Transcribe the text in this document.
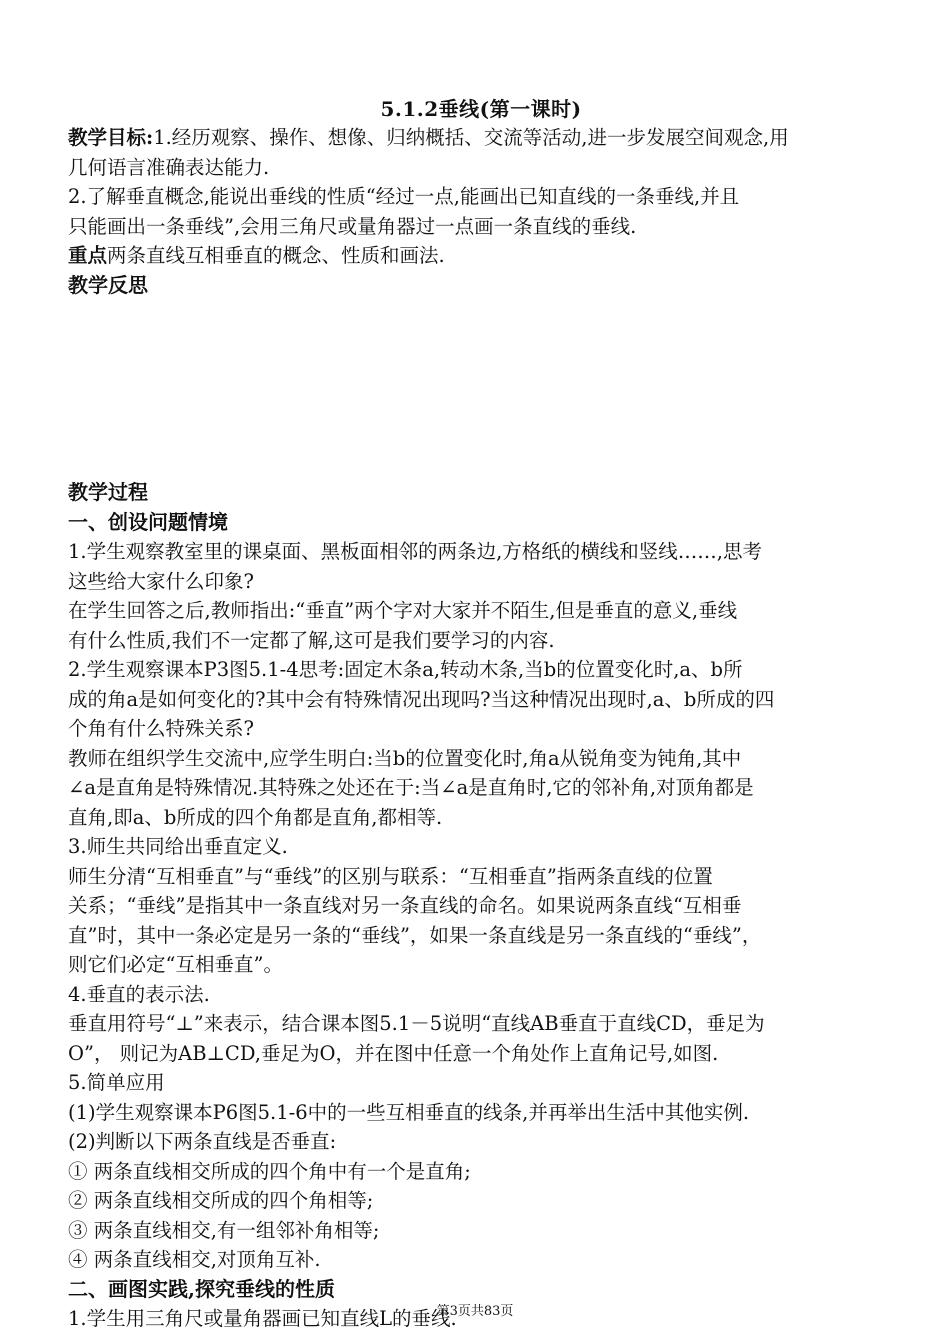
5.1.2垂线(第一课时)
教学目标:1.经历观察、操作、想像、归纳概括、交流等活动,进一步发展空间观念,用
几何语言准确表达能力.
2.了解垂直概念,能说出垂线的性质“经过一点,能画出已知直线的一条垂线,并且
只能画出一条垂线”,会用三角尺或量角器过一点画一条直线的垂线.
重点两条直线互相垂直的概念、性质和画法.
教学反思
教学过程
一、创设问题情境
1.学生观察教室里的课桌面、黑板面相邻的两条边,方格纸的横线和竖线……,思考
这些给大家什么印象?
在学生回答之后,教师指出:“垂直”两个字对大家并不陌生,但是垂直的意义,垂线
有什么性质,我们不一定都了解,这可是我们要学习的内容.
2.学生观察课本P3图5.1-4思考:固定木条a,转动木条,当b的位置变化时,a、b所
成的角a是如何变化的?其中会有特殊情况出现吗?当这种情况出现时,a、b所成的四
个角有什么特殊关系?
教师在组织学生交流中,应学生明白:当b的位置变化时,角a从锐角变为钝角,其中
∠a是直角是特殊情况.其特殊之处还在于:当∠a是直角时,它的邻补角,对顶角都是
直角,即a、b所成的四个角都是直角,都相等.
3.师生共同给出垂直定义.
师生分清“互相垂直”与“垂线”的区别与联系：“互相垂直”指两条直线的位置
关系；“垂线”是指其中一条直线对另一条直线的命名。如果说两条直线“互相垂
直”时，其中一条必定是另一条的“垂线”，如果一条直线是另一条直线的“垂线”，
则它们必定“互相垂直”。
4.垂直的表示法.
垂直用符号“⊥”来表示，结合课本图5.1－5说明“直线AB垂直于直线CD，垂足为
O”， 则记为AB⊥CD,垂足为O，并在图中任意一个角处作上直角记号,如图.
5.简单应用
(1)学生观察课本P6图5.1-6中的一些互相垂直的线条,并再举出生活中其他实例.
(2)判断以下两条直线是否垂直:
① 两条直线相交所成的四个角中有一个是直角;
② 两条直线相交所成的四个角相等;
③ 两条直线相交,有一组邻补角相等;
④ 两条直线相交,对顶角互补.
二、画图实践,探究垂线的性质
1.学生用三角尺或量角器画已知直线L的垂线.
第3页共83页
